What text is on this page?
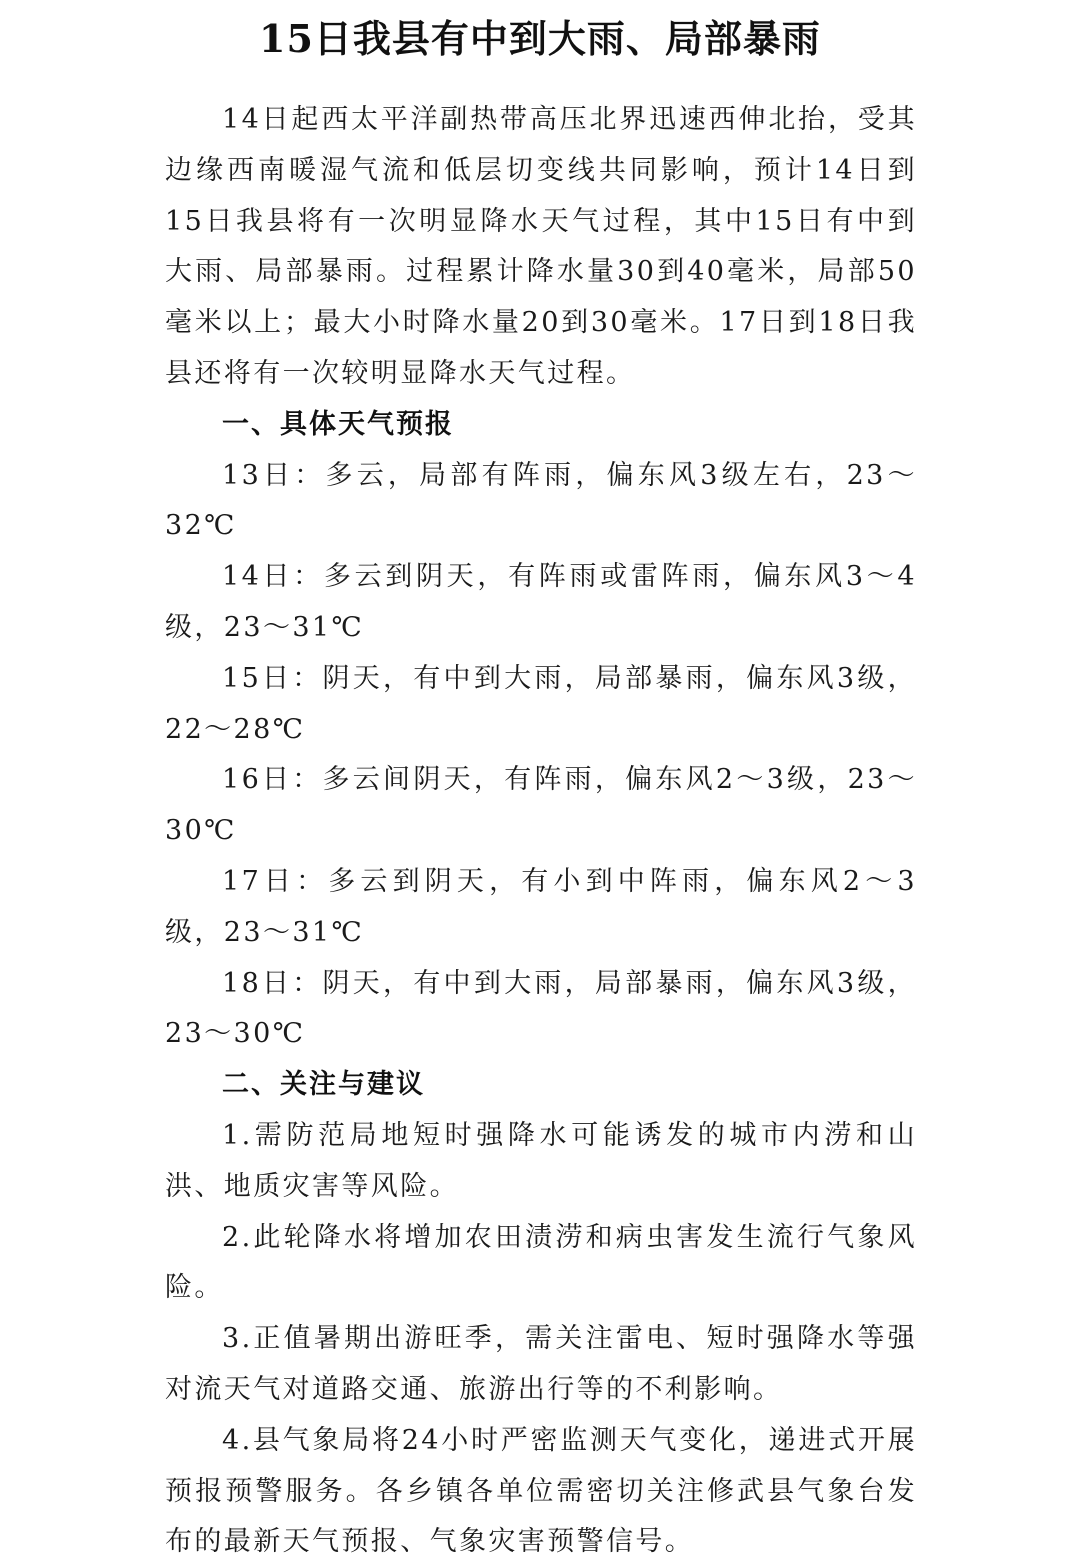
15日我县有中到大雨、局部暴雨

14日起西太平洋副热带高压北界迅速西伸北抬，受其边缘西南暖湿气流和低层切变线共同影响，预计14日到15日我县将有一次明显降水天气过程，其中15日有中到大雨、局部暴雨。过程累计降水量30到40毫米，局部50毫米以上；最大小时降水量20到30毫米。17日到18日我县还将有一次较明显降水天气过程。

一、具体天气预报

13日：多云，局部有阵雨，偏东风3级左右，23～32℃

14日：多云到阴天，有阵雨或雷阵雨，偏东风3～4级，23～31℃

15日：阴天，有中到大雨，局部暴雨，偏东风3级，22～28℃

16日：多云间阴天，有阵雨，偏东风2～3级，23～30℃

17日：多云到阴天，有小到中阵雨，偏东风2～3级，23～31℃

18日：阴天，有中到大雨，局部暴雨，偏东风3级，23～30℃

二、关注与建议

1.需防范局地短时强降水可能诱发的城市内涝和山洪、地质灾害等风险。

2.此轮降水将增加农田渍涝和病虫害发生流行气象风险。

3.正值暑期出游旺季，需关注雷电、短时强降水等强对流天气对道路交通、旅游出行等的不利影响。

4.县气象局将24小时严密监测天气变化，递进式开展预报预警服务。各乡镇各单位需密切关注修武县气象台发布的最新天气预报、气象灾害预警信号。
